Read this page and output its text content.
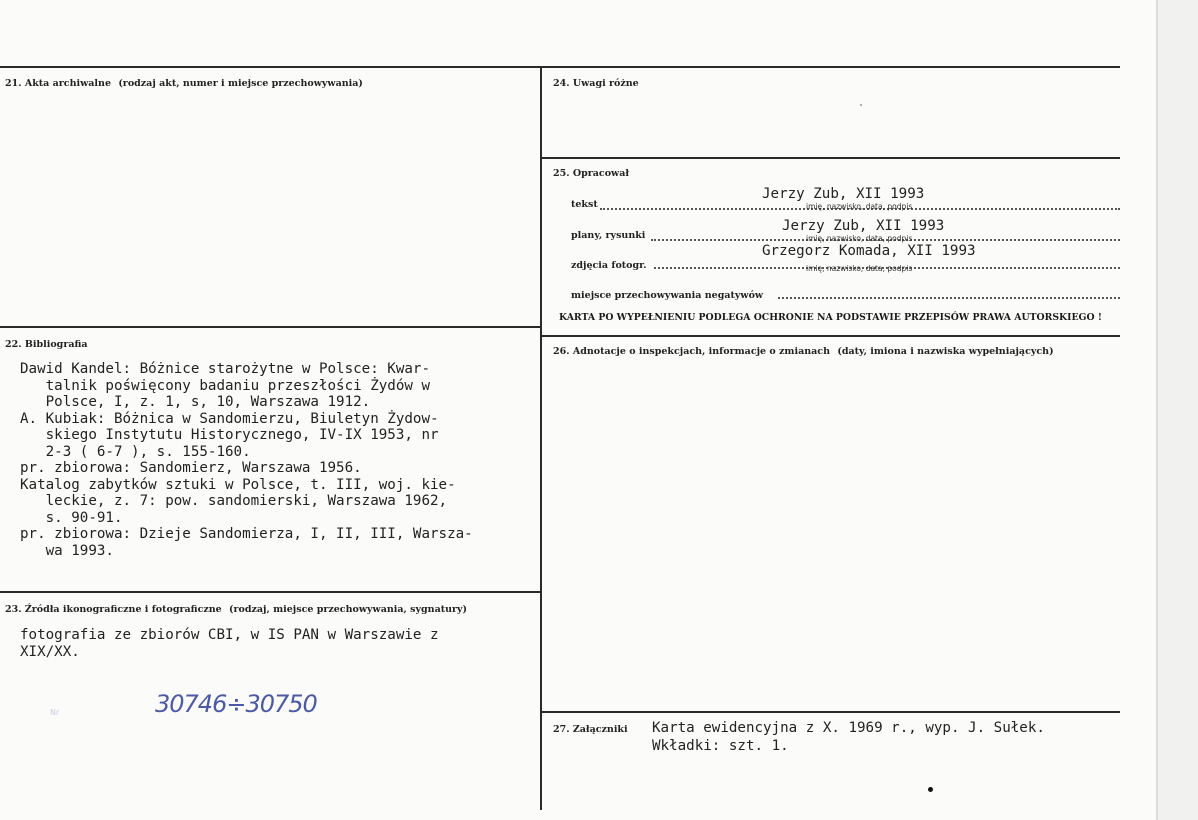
21. Akta archiwalne (rodzaj akt, numer i miejsce przechowywania)
22. Bibliografia
Dawid Kandel: Bóżnice starożytne w Polsce: Kwar-
talnik poświęcony badaniu przeszłości Żydów w
Polsce, I, z. 1, s, 10, Warszawa 1912.
A. Kubiak: Bóżnica w Sandomierzu, Biuletyn Żydow-
skiego Instytutu Historycznego, IV-IX 1953, nr
2-3 ( 6-7 ), s. 155-160.
pr. zbiorowa: Sandomierz, Warszawa 1956.
Katalog zabytków sztuki w Polsce, t. III, woj. kie-
leckie, z. 7: pow. sandomierski, Warszawa 1962,
s. 90-91.
pr. zbiorowa: Dzieje Sandomierza, I, II, III, Warsza-
wa 1993.
23. Źródła ikonograficzne i fotograficzne (rodzaj, miejsce przechowywania, sygnatury)
fotografia ze zbiorów CBI, w IS PAN w Warszawie z
XIX/XX.
Nr	30746÷30750
24. Uwagi różne
25. Opracował
tekst
Jerzy Zub, XII 1993
imię, nazwisko, data, podpis
plany, rysunki
Jerzy Zub, XII 1993
imię, nazwisko, data, podpis
zdjęcia fotogr.
Grzegorz Komada, XII 1993
imię, nazwisko, data, podpis
miejsce przechowywania negatywów
KARTA PO WYPEŁNIENIU PODLEGA OCHRONIE NA PODSTAWIE PRZEPISÓW PRAWA AUTORSKIEGO !
26. Adnotacje o inspekcjach, informacje o zmianach (daty, imiona i nazwiska wypełniających)
27. Załączniki Karta ewidencyjna z X. 1969 r., wyp. J. Sułek.
Wkładki: szt. 1.
